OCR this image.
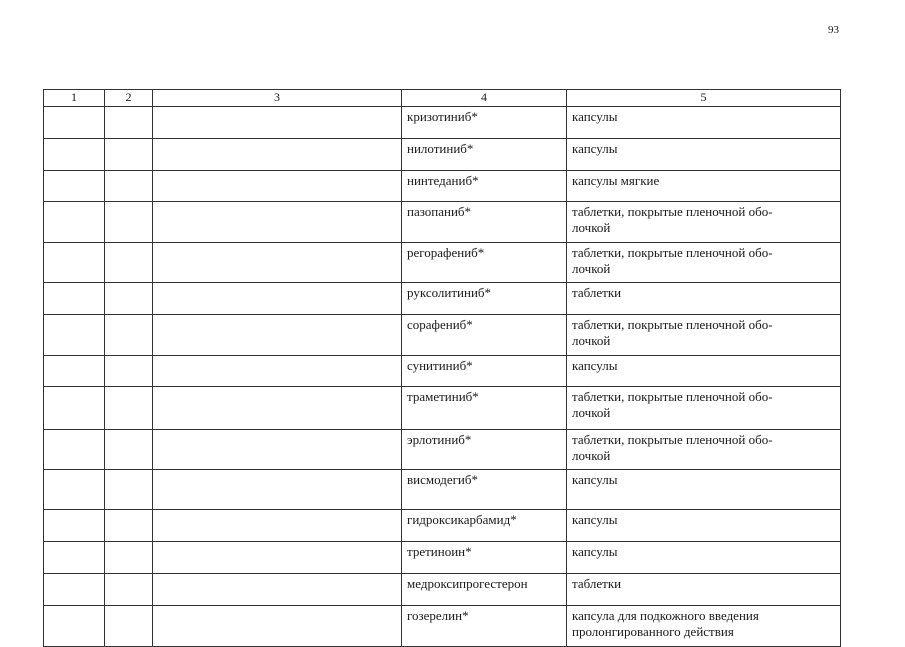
93
1	2	3	4	5
			кризотиниб*	капсулы
			нилотиниб*	капсулы
			нинтеданиб*	капсулы мягкие
			пазопаниб*	таблетки, покрытые пленочной обо-
лочкой
			регорафениб*	таблетки, покрытые пленочной обо-
лочкой
			руксолитиниб*	таблетки
			сорафениб*	таблетки, покрытые пленочной обо-
лочкой
			сунитиниб*	капсулы
			траметиниб*	таблетки, покрытые пленочной обо-
лочкой
			эрлотиниб*	таблетки, покрытые пленочной обо-
лочкой
			висмодегиб*	капсулы
			гидроксикарбамид*	капсулы
			третиноин*	капсулы
			медроксипрогестерон	таблетки
			гозерелин*	капсула для подкожного введения
пролонгированного действия
